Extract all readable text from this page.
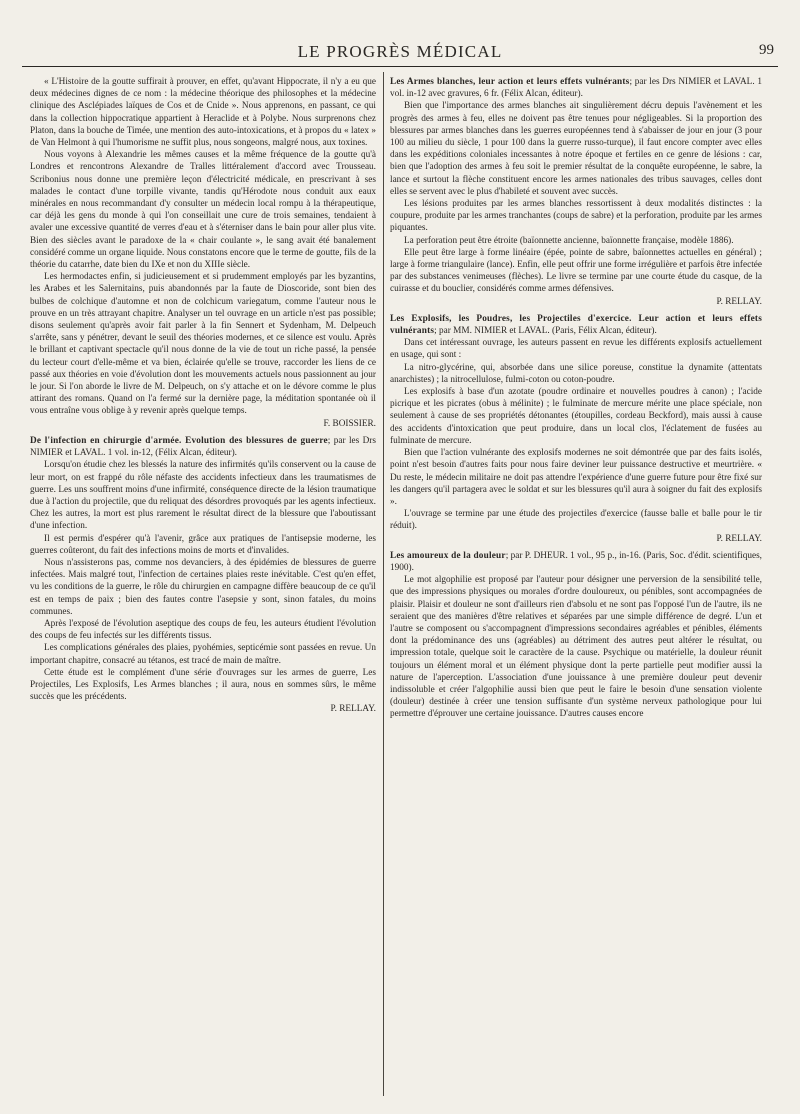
LE PROGRÈS MÉDICAL	99

« L'Histoire de la goutte suffirait à prouver, en effet, qu'avant Hippocrate, il n'y a eu que deux médecines dignes de ce nom : la médecine théorique des philosophes et la médecine clinique des Asclépiades laïques de Cos et de Cnide ». Nous apprenons, en passant, ce qui dans la collection hippocratique appartient à Heraclide et à Polybe. Nous surprenons chez Platon, dans la bouche de Timée, une mention des auto-intoxications, et à propos du « latex » de Van Helmont à qui l'humorisme ne suffit plus, nous songeons, malgré nous, aux toxines.

Nous voyons à Alexandrie les mêmes causes et la même fréquence de la goutte qu'à Londres et rencontrons Alexandre de Tralles littéralement d'accord avec Trousseau. Scribonius nous donne une première leçon d'électricité médicale, en prescrivant à ses malades le contact d'une torpille vivante, tandis qu'Hérodote nous conduit aux eaux minérales en nous recommandant d'y consulter un médecin local rompu à la thérapeutique, car déjà les gens du monde à qui l'on conseillait une cure de trois semaines, tendaient à avaler une excessive quantité de verres d'eau et à s'éterniser dans le bain pour aller plus vite. Bien des siècles avant le paradoxe de la « chair coulante », le sang avait été banalement considéré comme un organe liquide. Nous constatons encore que le terme de goutte, fils de la théorie du catarrhe, date bien du IXe et non du XIIIe siècle.

Les hermodactes enfin, si judicieusement et si prudemment employés par les byzantins, les Arabes et les Salernitains, puis abandonnés par la faute de Dioscoride, sont bien des bulbes de colchique d'automne et non de colchicum variegatum, comme l'auteur nous le prouve en un très attrayant chapitre. Analyser un tel ouvrage en un article n'est pas possible; disons seulement qu'après avoir fait parler à la fin Sennert et Sydenham, M. Delpeuch s'arrête, sans y pénétrer, devant le seuil des théories modernes, et ce silence est voulu. Après le brillant et captivant spectacle qu'il nous donne de la vie de tout un riche passé, la pensée du lecteur court d'elle-même et va bien, éclairée qu'elle se trouve, raccorder les liens de ce passé aux théories en voie d'évolution dont les mouvements actuels nous passionnent au jour le jour. Si l'on aborde le livre de M. Delpeuch, on s'y attache et on le dévore comme le plus attirant des romans. Quand on l'a fermé sur la dernière page, la méditation spontanée où il vous entraîne vous oblige à y revenir après quelque temps.

F. BOISSIER.

De l'infection en chirurgie d'armée. Evolution des blessures de guerre; par les Drs NIMIER et LAVAL. 1 vol. in-12, (Félix Alcan, éditeur).

Lorsqu'on étudie chez les blessés la nature des infirmités qu'ils conservent ou la cause de leur mort, on est frappé du rôle néfaste des accidents infectieux dans les traumatismes de guerre. Les uns souffrent moins d'une infirmité, conséquence directe de la lésion traumatique due à l'action du projectile, que du reliquat des désordres provoqués par les agents infectieux. Chez les autres, la mort est plus rarement le résultat direct de la blessure que l'aboutissant d'une infection.

Il est permis d'espérer qu'à l'avenir, grâce aux pratiques de l'antisepsie moderne, les guerres coûteront, du fait des infections moins de morts et d'invalides.

Nous n'assisterons pas, comme nos devanciers, à des épidémies de blessures de guerre infectées. Mais malgré tout, l'infection de certaines plaies reste inévitable. C'est qu'en effet, vu les conditions de la guerre, le rôle du chirurgien en campagne diffère beaucoup de ce qu'il est en temps de paix ; bien des fautes contre l'asepsie y sont, sinon fatales, du moins communes.

Après l'exposé de l'évolution aseptique des coups de feu, les auteurs étudient l'évolution des coups de feu infectés sur les différents tissus.

Les complications générales des plaies, pyohémies, septicémie sont passées en revue. Un important chapitre, consacré au tétanos, est tracé de main de maître.

Cette étude est le complément d'une série d'ouvrages sur les armes de guerre, Les Projectiles, Les Explosifs, Les Armes blanches ; il aura, nous en sommes sûrs, le même succès que les précédents.

P. RELLAY.

Les Armes blanches, leur action et leurs effets vulnérants; par les Drs NIMIER et LAVAL. 1 vol. in-12 avec gravures, 6 fr. (Félix Alcan, éditeur).

Bien que l'importance des armes blanches ait singulièrement décru depuis l'avènement et les progrès des armes à feu, elles ne doivent pas être tenues pour négligeables. Si la proportion des blessures par armes blanches dans les guerres européennes tend à s'abaisser de jour en jour (3 pour 100 au milieu du siècle, 1 pour 100 dans la guerre russo-turque), il faut encore compter avec elles dans les expéditions coloniales incessantes à notre époque et fertiles en ce genre de lésions : car, bien que l'adoption des armes à feu soit le premier résultat de la conquête européenne, le sabre, la lance et surtout la flèche constituent encore les armes nationales des tribus sauvages, celles dont elles se servent avec le plus d'habileté et souvent avec succès.

Les lésions produites par les armes blanches ressortissent à deux modalités distinctes : la coupure, produite par les armes tranchantes (coups de sabre) et la perforation, produite par les armes piquantes.

La perforation peut être étroite (baïonnette ancienne, baïonnette française, modèle 1886).

Elle peut être large à forme linéaire (épée, pointe de sabre, baïonnettes actuelles en général) ; large à forme triangulaire (lance). Enfin, elle peut offrir une forme irrégulière et parfois être infectée par des substances venimeuses (flèches). Le livre se termine par une courte étude du casque, de la cuirasse et du bouclier, considérés comme armes défensives.

P. RELLAY.

Les Explosifs, les Poudres, les Projectiles d'exercice. Leur action et leurs effets vulnérants; par MM. NIMIER et LAVAL. (Paris, Félix Alcan, éditeur).

Dans cet intéressant ouvrage, les auteurs passent en revue les différents explosifs actuellement en usage, qui sont :

La nitro-glycérine, qui, absorbée dans une silice poreuse, constitue la dynamite (attentats anarchistes) ; la nitrocellulose, fulmi-coton ou coton-poudre.

Les explosifs à base d'un azotate (poudre ordinaire et nouvelles poudres à canon) ; l'acide picrique et les picrates (obus à mélinite) ; le fulminate de mercure mérite une place spéciale, non seulement à cause de ses propriétés détonantes (étoupilles, cordeau Beckford), mais aussi à cause des accidents d'intoxication que peut produire, dans un local clos, l'éclatement de fusées au fulminate de mercure.

Bien que l'action vulnérante des explosifs modernes ne soit démontrée que par des faits isolés, point n'est besoin d'autres faits pour nous faire deviner leur puissance destructive et meurtrière. « Du reste, le médecin militaire ne doit pas attendre l'expérience d'une guerre future pour être fixé sur les dangers qu'il partagera avec le soldat et sur les blessures qu'il aura à soigner du fait des explosifs ».

L'ouvrage se termine par une étude des projectiles d'exercice (fausse balle et balle pour le tir réduit).

P. RELLAY.

Les amoureux de la douleur; par P. DHEUR. 1 vol., 95 p., in-16. (Paris, Soc. d'édit. scientifiques, 1900).

Le mot algophilie est proposé par l'auteur pour désigner une perversion de la sensibilité telle, que des impressions physiques ou morales d'ordre douloureux, ou pénibles, sont accompagnées de plaisir. Plaisir et douleur ne sont d'ailleurs rien d'absolu et ne sont pas l'opposé l'un de l'autre, ils ne seraient que des manières d'être relatives et séparées par une simple différence de degré. L'un et l'autre se composent ou s'accompagnent d'impressions secondaires agréables et pénibles, éléments dont la prédominance des uns (agréables) au détriment des autres peut altérer le résultat, ou impression totale, quelque soit le caractère de la cause. Psychique ou matérielle, la douleur réunit toujours un élément moral et un élément physique dont la perte partielle peut modifier aussi la nature de l'aperception. L'association d'une jouissance à une première douleur peut devenir indissoluble et créer l'algophilie aussi bien que peut le faire le besoin d'une sensation violente (douleur) destinée à créer une tension suffisante d'un système nerveux pathologique pour lui permettre d'éprouver une certaine jouissance. D'autres causes encore
